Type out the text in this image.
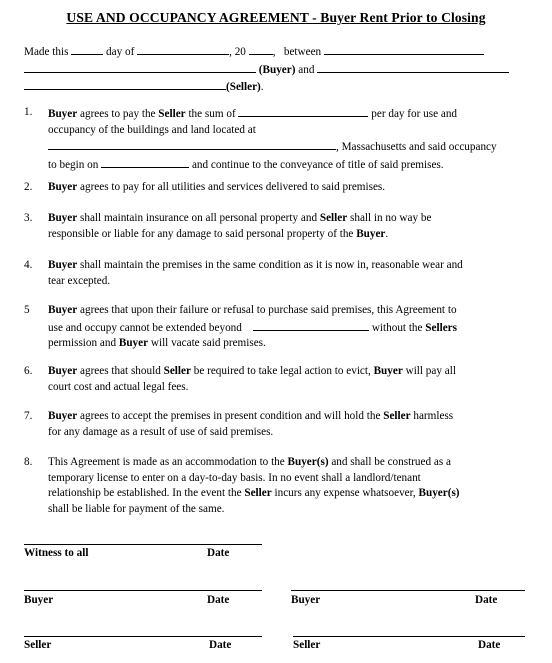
USE AND OCCUPANCY AGREEMENT - Buyer Rent Prior to Closing
Made this	day of	, 20 , between
(Buyer) and
(Seller).
1.	Buyer agrees to pay the Seller the sum of	per day for use and
occupancy of the buildings and land located at
, Massachusetts and said occupancy
to begin on	and continue to the conveyance of title of said premises.
2.	Buyer agrees to pay for all utilities and services delivered to said premises.
3.	Buyer shall maintain insurance on all personal property and Seller shall in no way be
responsible or liable for any damage to said personal property of the Buyer.
4.	Buyer shall maintain the premises in the same condition as it is now in, reasonable wear and
tear excepted.
5	Buyer agrees that upon their failure or refusal to purchase said premises, this Agreement to
use and occupy cannot be extended beyond	without the Sellers
permission and Buyer will vacate said premises.
6.	Buyer agrees that should Seller be required to take legal action to evict, Buyer will pay all
court cost and actual legal fees.
7.	Buyer agrees to accept the premises in present condition and will hold the Seller harmless
for any damage as a result of use of said premises.
8.	This Agreement is made as an accommodation to the Buyer(s) and shall be construed as a
temporary license to enter on a day-to-day basis. In no event shall a landlord/tenant
relationship be established. In the event the Seller incurs any expense whatsoever, Buyer(s)
shall be liable for payment of the same.
Witness to all	Date
Buyer	Date	Buyer	Date
Seller	Date	Seller	Date
